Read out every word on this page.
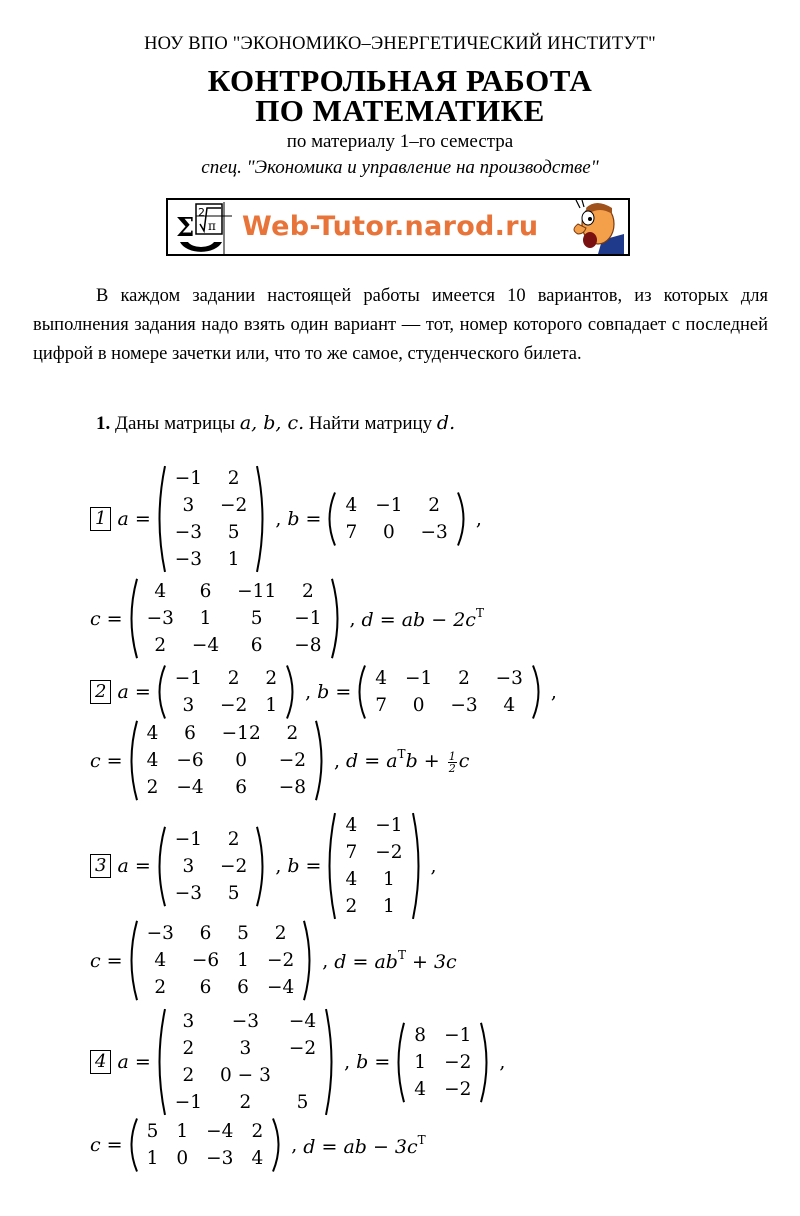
НОУ ВПО "ЭКОНОМИКО–ЭНЕРГЕТИЧЕСКИЙ ИНСТИТУТ"
КОНТРОЛЬНАЯ РАБОТА
ПО МАТЕМАТИКЕ
по материалу 1–го семестра
спец. "Экономика и управление на производстве"
Σ
2
π Web-Tutor.narod.ru
В каждом задании настоящей работы имеется 10 вариантов, из которых для выполнения задания надо взять один вариант — тот, номер которого совпадает с последней цифрой в номере зачетки или, что то же самое, студенческого билета.
1. Даны матрицы a, b, c. Найти матрицу d.
1 a =
−1	2
3	−2
−3	5
−3	1
, b =
4 −1	2
7	0	−3
,
c =
4	6	−11	2
−3	1	5	−1
2	−4	6	−8
, d = ab − $2c^T$
2 a =
−1	2	2
3	−2 1
, b =
4 −1	2	−3
7	0	−3	4
,
c =
4	6	−12	2
4 −6	0	−2
2 −4	6	−8
, $d = a^Tb + \frac{1}{2}$ c
3 a =
−1	2
3	−2
−3	5
, b =
4 −1
7 −2
4	1
2	1
,
c =
−3	6	5	2
4	−6 1 −2
2	6	6 −4
, $d = ab^T + 3c$
4 a =
3	−3	−4
2	3	−2
2	0 − 3
−1	2	5
, b =
8 −1
1 −2
4 −2
,
c =
5 1 −4 2
1 0 −3 4
, d = ab − $3c^T$
